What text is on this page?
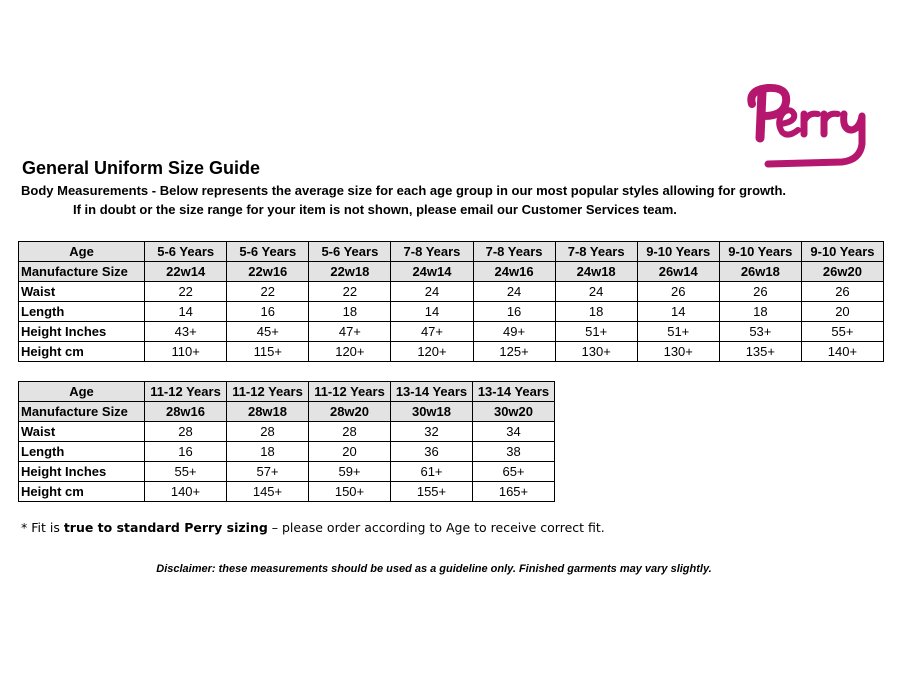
General Uniform Size Guide
Body Measurements - Below represents the average size for each age group in our most popular styles allowing for growth.
If in doubt or the size range for your item is not shown, please email our Customer Services team.
Age	5-6 Years	5-6 Years	5-6 Years	7-8 Years	7-8 Years	7-8 Years	9-10 Years	9-10 Years	9-10 Years
Manufacture Size	22w14	22w16	22w18	24w14	24w16	24w18	26w14	26w18	26w20
Waist	22	22	22	24	24	24	26	26	26
Length	14	16	18	14	16	18	14	18	20
Height Inches	43+	45+	47+	47+	49+	51+	51+	53+	55+
Height cm	110+	115+	120+	120+	125+	130+	130+	135+	140+
Age	11-12 Years	11-12 Years	11-12 Years	13-14 Years	13-14 Years
Manufacture Size	28w16	28w18	28w20	30w18	30w20
Waist	28	28	28	32	34
Length	16	18	20	36	38
Height Inches	55+	57+	59+	61+	65+
Height cm	140+	145+	150+	155+	165+
* Fit is true to standard Perry sizing – please order according to Age to receive correct fit.
Disclaimer: these measurements should be used as a guideline only. Finished garments may vary slightly.
